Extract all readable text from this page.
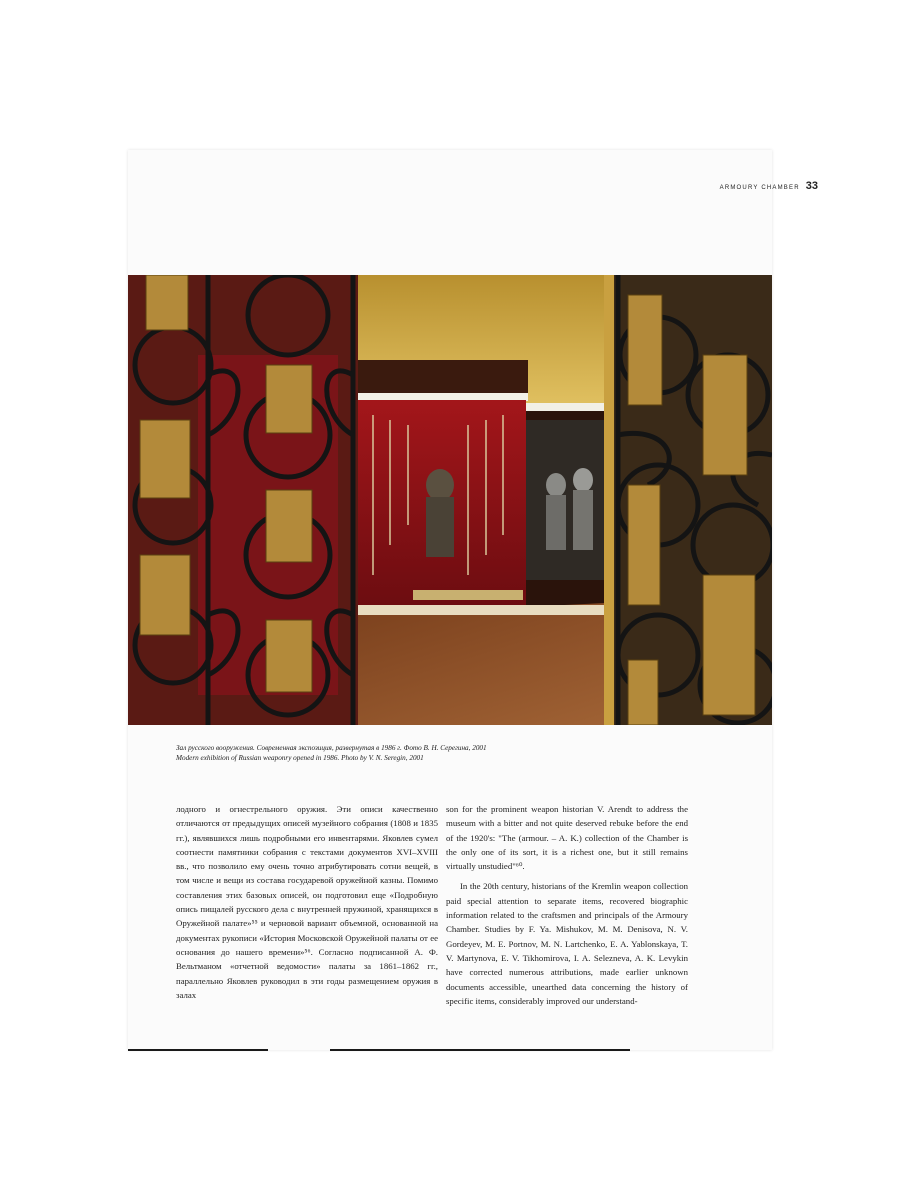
ARMOURY CHAMBER 33
Зал русского вооружения. Современная экспозиция, развернутая в 1986 г. Фото В. Н. Серегина, 2001
Modern exhibition of Russian weaponry opened in 1986. Photo by V. N. Seregin, 2001

лодного и огнестрельного оружия. Эти описи качественно отличаются от предыдущих описей музейного собрания (1808 и 1835 гг.), являвшихся лишь подробными его инвентарями. Яковлев сумел соотнести памятники собрания с текстами документов XVI–XVIII вв., что позволило ему очень точно атрибутировать сотни вещей, в том числе и вещи из состава государевой оружейной казны. Помимо составления этих базовых описей, он подготовил еще «Подробную опись пищалей русского дела с внутренней пружиной, хранящихся в Оружейной палате»⁵⁵ и черновой вариант объемной, основанной на документах рукописи «История Московской Оружейной палаты от ее основания до нашего времени»⁵⁶. Согласно подписанной А. Ф. Вельтманом «отчетной ведомости» палаты за 1861–1862 гг., параллельно Яковлев руководил в эти годы размещением оружия в залах

son for the prominent weapon historian V. Arendt to address the museum with a bitter and not quite deserved rebuke before the end of the 1920's: "The (armour. – A. K.) collection of the Chamber is the only one of its sort, it is a richest one, but it still remains virtually unstudied"⁶⁰.

In the 20th century, historians of the Kremlin weapon collection paid special attention to separate items, recovered biographic information related to the craftsmen and principals of the Armoury Chamber. Studies by F. Ya. Mishukov, M. M. Denisova, N. V. Gordeyev, M. E. Portnov, M. N. Lartchenko, E. A. Yablonskaya, T. V. Martynova, E. V. Tikhomirova, I. A. Selezneva, A. K. Levykin have corrected numerous attributions, made earlier unknown documents accessible, unearthed data concerning the history of specific items, considerably improved our understand-
